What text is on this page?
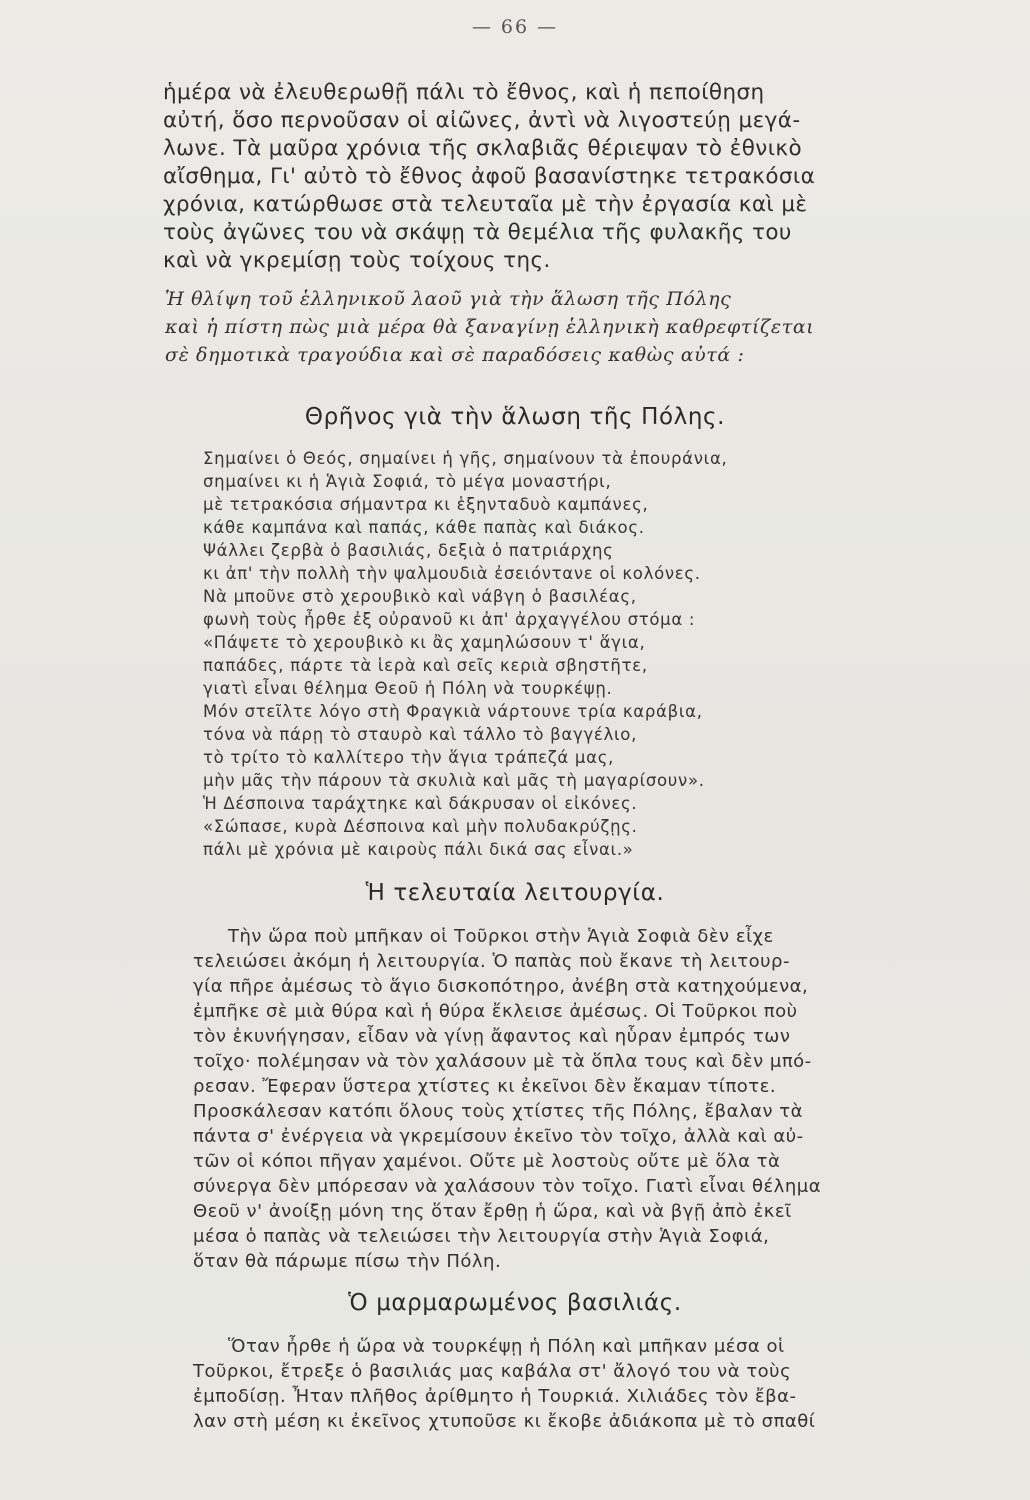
— 66 —
ἡμέρα νὰ ἐλευθερωθῇ πάλι τὸ ἔθνος, καὶ ἡ πεποίθηση
αὐτή, ὅσο περνοῦσαν οἱ αἰῶνες, ἀντὶ νὰ λιγοστεύῃ μεγά-
λωνε. Τὰ μαῦρα χρόνια τῆς σκλαβιᾶς θέριεψαν τὸ ἐθνικὸ
αἴσθημα, Γι' αὐτὸ τὸ ἔθνος ἀφοῦ βασανίστηκε τετρακόσια
χρόνια, κατώρθωσε στὰ τελευταῖα μὲ τὴν ἐργασία καὶ μὲ
τοὺς ἀγῶνες του νὰ σκάψῃ τὰ θεμέλια τῆς φυλακῆς του
καὶ νὰ γκρεμίσῃ τοὺς τοίχους της.
Ἡ θλίψη τοῦ ἑλληνικοῦ λαοῦ γιὰ τὴν ἅλωση τῆς Πόλης
καὶ ἡ πίστη πὼς μιὰ μέρα θὰ ξαναγίνῃ ἑλληνικὴ καθρεφτίζεται
σὲ δημοτικὰ τραγούδια καὶ σὲ παραδόσεις καθὼς αὐτά :
Θρῆνος γιὰ τὴν ἅλωση τῆς Πόλης.
Σημαίνει ὁ Θεός, σημαίνει ἡ γῆς, σημαίνουν τὰ ἐπουράνια,
σημαίνει κι ἡ Ἁγιὰ Σοφιά, τὸ μέγα μοναστήρι,
μὲ τετρακόσια σήμαντρα κι ἑξηνταδυὸ καμπάνες,
κάθε καμπάνα καὶ παπάς, κάθε παπὰς καὶ διάκος.
Ψάλλει ζερβὰ ὁ βασιλιάς, δεξιὰ ὁ πατριάρχης
κι ἀπ' τὴν πολλὴ τὴν ψαλμουδιὰ ἐσειόντανε οἱ κολόνες.
Νὰ μποῦνε στὸ χερουβικὸ καὶ νάβγη ὁ βασιλέας,
φωνὴ τοὺς ἦρθε ἐξ οὐρανοῦ κι ἀπ' ἀρχαγγέλου στόμα :
«Πάψετε τὸ χερουβικὸ κι ἂς χαμηλώσουν τ' ἅγια,
παπάδες, πάρτε τὰ ἱερὰ καὶ σεῖς κεριὰ σβηστῆτε,
γιατὶ εἶναι θέλημα Θεοῦ ἡ Πόλη νὰ τουρκέψῃ.
Μόν στεῖλτε λόγο στὴ Φραγκιὰ νάρτουνε τρία καράβια,
τόνα νὰ πάρῃ τὸ σταυρὸ καὶ τάλλο τὸ βαγγέλιο,
τὸ τρίτο τὸ καλλίτερο τὴν ἅγια τράπεζά μας,
μὴν μᾶς τὴν πάρουν τὰ σκυλιὰ καὶ μᾶς τὴ μαγαρίσουν».
Ἡ Δέσποινα ταράχτηκε καὶ δάκρυσαν οἱ εἰκόνες.
«Σώπασε, κυρὰ Δέσποινα καὶ μὴν πολυδακρύζῃς.
πάλι μὲ χρόνια μὲ καιροὺς πάλι δικά σας εἶναι.»
Ἡ τελευταία λειτουργία.
Τὴν ὥρα ποὺ μπῆκαν οἱ Τοῦρκοι στὴν Ἁγιὰ Σοφιὰ δὲν εἶχε
τελειώσει ἀκόμη ἡ λειτουργία. Ὁ παπὰς ποὺ ἔκανε τὴ λειτουρ-
γία πῆρε ἀμέσως τὸ ἅγιο δισκοπότηρο, ἀνέβη στὰ κατηχούμενα,
ἐμπῆκε σὲ μιὰ θύρα καὶ ἡ θύρα ἔκλεισε ἀμέσως. Οἱ Τοῦρκοι ποὺ
τὸν ἐκυνήγησαν, εἶδαν νὰ γίνῃ ἄφαντος καὶ ηὗραν ἐμπρός των
τοῖχο· πολέμησαν νὰ τὸν χαλάσουν μὲ τὰ ὅπλα τους καὶ δὲν μπό-
ρεσαν. Ἔφεραν ὕστερα χτίστες κι ἐκεῖνοι δὲν ἔκαμαν τίποτε.
Προσκάλεσαν κατόπι ὅλους τοὺς χτίστες τῆς Πόλης, ἔβαλαν τὰ
πάντα σ' ἐνέργεια νὰ γκρεμίσουν ἐκεῖνο τὸν τοῖχο, ἀλλὰ καὶ αὐ-
τῶν οἱ κόποι πῆγαν χαμένοι. Οὔτε μὲ λοστοὺς οὔτε μὲ ὅλα τὰ
σύνεργα δὲν μπόρεσαν νὰ χαλάσουν τὸν τοῖχο. Γιατὶ εἶναι θέλημα
Θεοῦ ν' ἀνοίξῃ μόνη της ὅταν ἔρθῃ ἡ ὥρα, καὶ νὰ βγῇ ἀπὸ ἐκεῖ
μέσα ὁ παπὰς νὰ τελειώσει τὴν λειτουργία στὴν Ἁγιὰ Σοφιά,
ὅταν θὰ πάρωμε πίσω τὴν Πόλη.
Ὁ μαρμαρωμένος βασιλιάς.
Ὅταν ἦρθε ἡ ὥρα νὰ τουρκέψῃ ἡ Πόλη καὶ μπῆκαν μέσα οἱ
Τοῦρκοι, ἔτρεξε ὁ βασιλιάς μας καβάλα στ' ἄλογό του νὰ τοὺς
ἐμποδίσῃ. Ἦταν πλῆθος ἀρίθμητο ἡ Τουρκιά. Χιλιάδες τὸν ἔβα-
λαν στὴ μέση κι ἐκεῖνος χτυποῦσε κι ἔκοβε ἀδιάκοπα μὲ τὸ σπαθί
